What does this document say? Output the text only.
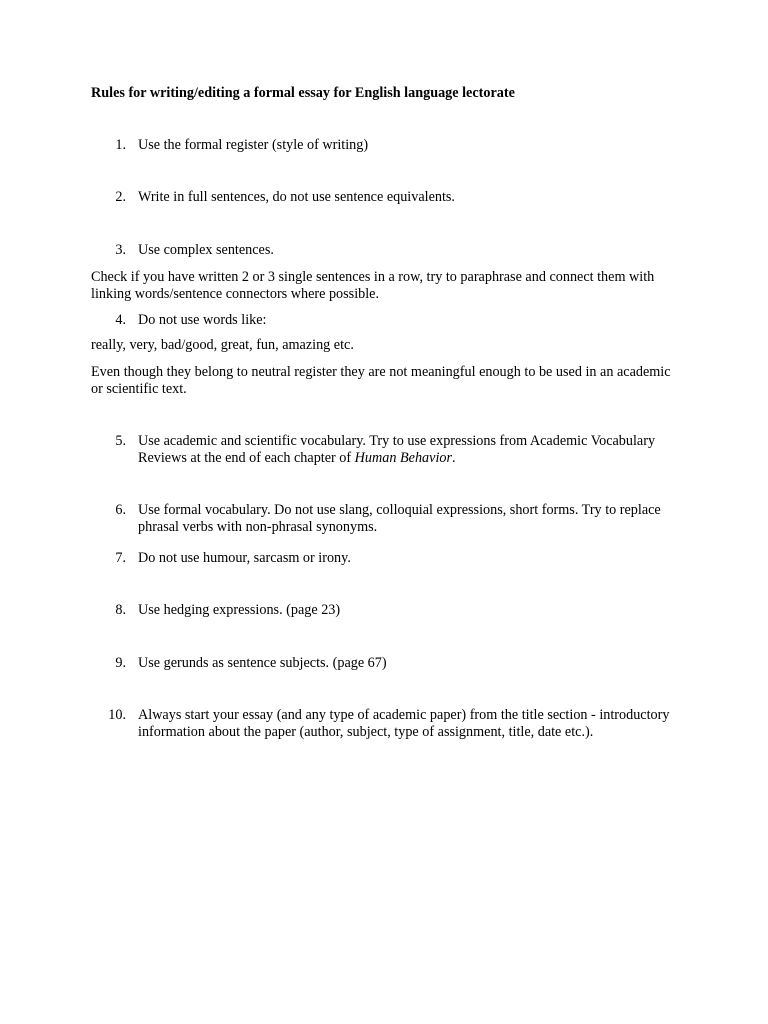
Rules for writing/editing a formal essay for English language lectorate
1. Use the formal register (style of writing)
2. Write in full sentences, do not use sentence equivalents.
3. Use complex sentences.
Check if you have written 2 or 3 single sentences in a row, try to paraphrase and connect them with linking words/sentence connectors where possible.
4. Do not use words like:
really, very, bad/good, great, fun, amazing etc.
Even though they belong to neutral register they are not meaningful enough to be used in an academic or scientific text.
5. Use academic and scientific vocabulary. Try to use expressions from Academic Vocabulary Reviews at the end of each chapter of Human Behavior.
6. Use formal vocabulary. Do not use slang, colloquial expressions, short forms. Try to replace phrasal verbs with non-phrasal synonyms.
7. Do not use humour, sarcasm or irony.
8. Use hedging expressions. (page 23)
9. Use gerunds as sentence subjects. (page 67)
10. Always start your essay (and any type of academic paper) from the title section - introductory information about the paper (author, subject, type of assignment, title, date etc.).
